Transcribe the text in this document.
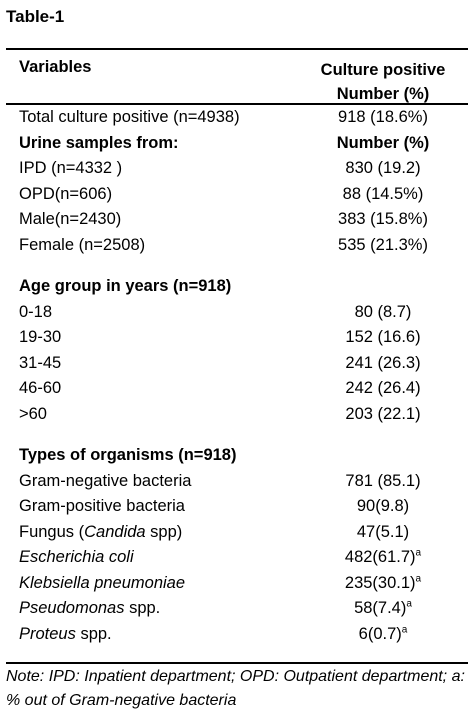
Table-1
Variables	Culture positive
Number (%)
Total culture positive (n=4938)	918 (18.6%)
Urine samples from:	Number (%)
IPD (n=4332 )	830 (19.2)
OPD(n=606)	88 (14.5%)
Male(n=2430)	383 (15.8%)
Female (n=2508)	535 (21.3%)
Age group in years (n=918)
0-18	80 (8.7)
19-30	152 (16.6)
31-45	241 (26.3)
46-60	242 (26.4)
>60	203 (22.1)
Types of organisms (n=918)
Gram-negative bacteria	781 (85.1)
Gram-positive bacteria	90(9.8)
Fungus (Candida spp)	47(5.1)
Escherichia coli	$482(61.7)^a$
Klebsiella pneumoniae	$235(30.1)^a$
Pseudomonas spp.	$58(7.4)^a$
Proteus spp.	$6(0.7)^a$
Note: IPD: Inpatient department; OPD: Outpatient department; a: % out of Gram-negative bacteria
